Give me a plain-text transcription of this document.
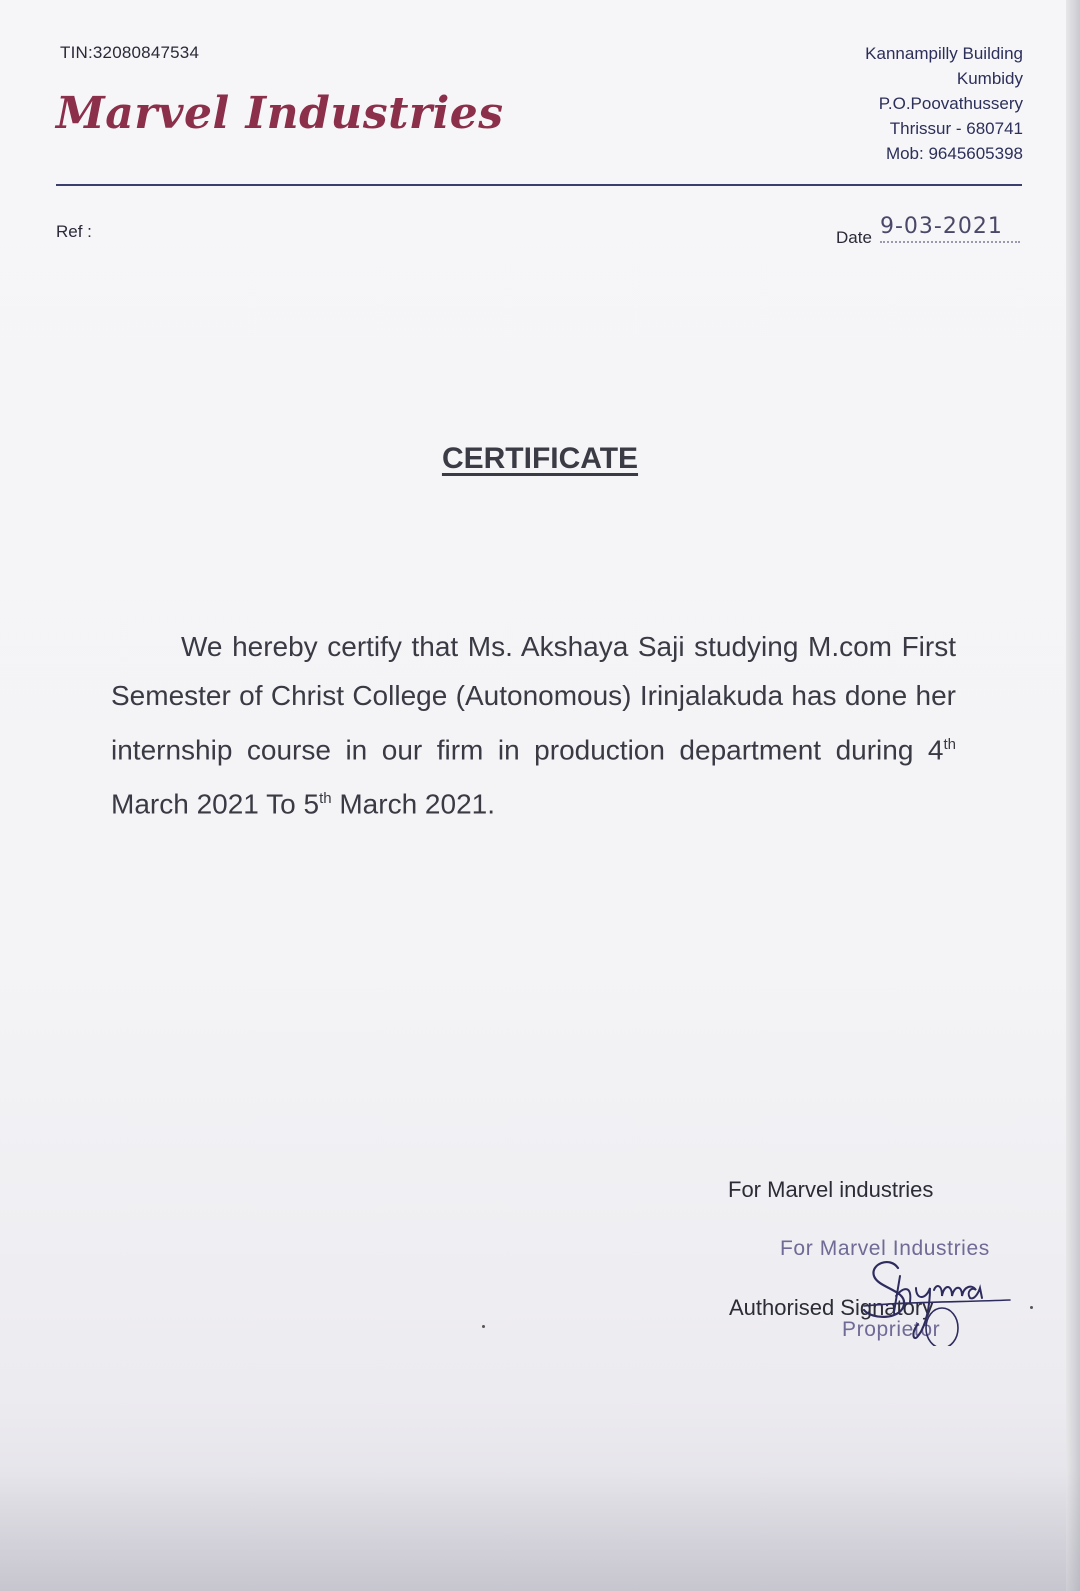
TIN:32080847534
Marvel Industries
Kannampilly Building
Kumbidy
P.O.Poovathussery
Thrissur - 680741
Mob: 9645605398
Ref :	Date 9-03-2021
CERTIFICATE

We hereby certify that Ms. Akshaya Saji studying M.com First Semester of Christ College (Autonomous) Irinjalakuda has done her internship course in our firm in production department during 4th March 2021 To 5th March 2021.

For Marvel industries
For Marvel Industries
Authorised Signatory
Proprietor
